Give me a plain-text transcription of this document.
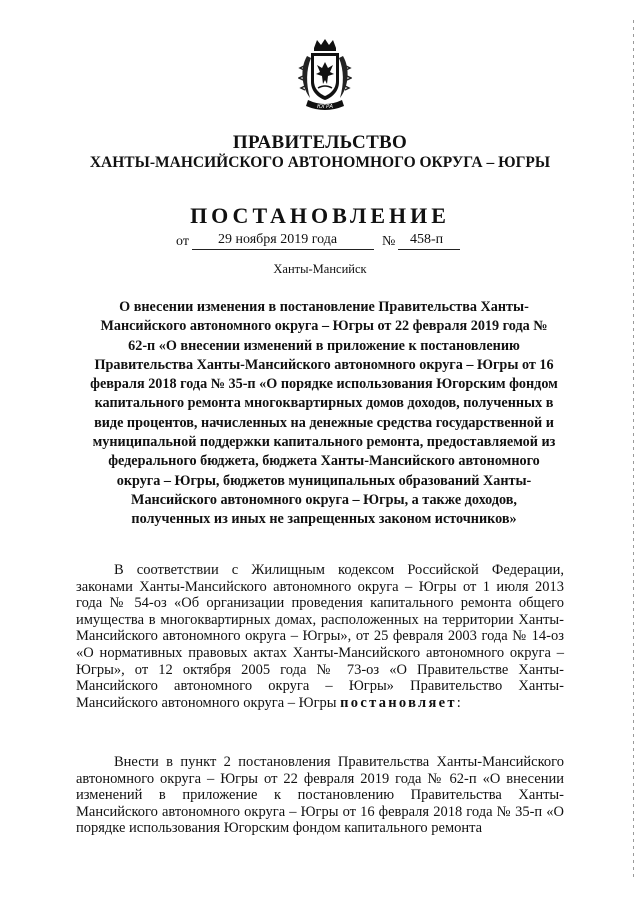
ЮГРА
ПРАВИТЕЛЬСТВО
ХАНТЫ-МАНСИЙСКОГО АВТОНОМНОГО ОКРУГА – ЮГРЫ
ПОСТАНОВЛЕНИЕ
от 29 ноября 2019 года	№ 458-п
Ханты-Мансийск
О внесении изменения в постановление Правительства Ханты-Мансийского автономного округа – Югры от 22 февраля 2019 года № 62-п «О внесении изменений в приложение к постановлению Правительства Ханты-Мансийского автономного округа – Югры от 16 февраля 2018 года № 35-п «О порядке использования Югорским фондом капитального ремонта многоквартирных домов доходов, полученных в виде процентов, начисленных на денежные средства государственной и муниципальной поддержки капитального ремонта, предоставляемой из федерального бюджета, бюджета Ханты-Мансийского автономного округа – Югры, бюджетов муниципальных образований Ханты-Мансийского автономного округа – Югры, а также доходов, полученных из иных не запрещенных законом источников»
В соответствии с Жилищным кодексом Российской Федерации, законами Ханты-Мансийского автономного округа – Югры от 1 июля 2013 года № 54-оз «Об организации проведения капитального ремонта общего имущества в многоквартирных домах, расположенных на территории Ханты-Мансийского автономного округа – Югры», от 25 февраля 2003 года № 14-оз «О нормативных правовых актах Ханты-Мансийского автономного округа – Югры», от 12 октября 2005 года № 73-оз «О Правительстве Ханты-Мансийского автономного округа – Югры» Правительство Ханты-Мансийского автономного округа – Югры постановляет:
Внести в пункт 2 постановления Правительства Ханты-Мансийского автономного округа – Югры от 22 февраля 2019 года № 62-п «О внесении изменений в приложение к постановлению Правительства Ханты-Мансийского автономного округа – Югры от 16 февраля 2018 года № 35-п «О порядке использования Югорским фондом капитального ремонта
